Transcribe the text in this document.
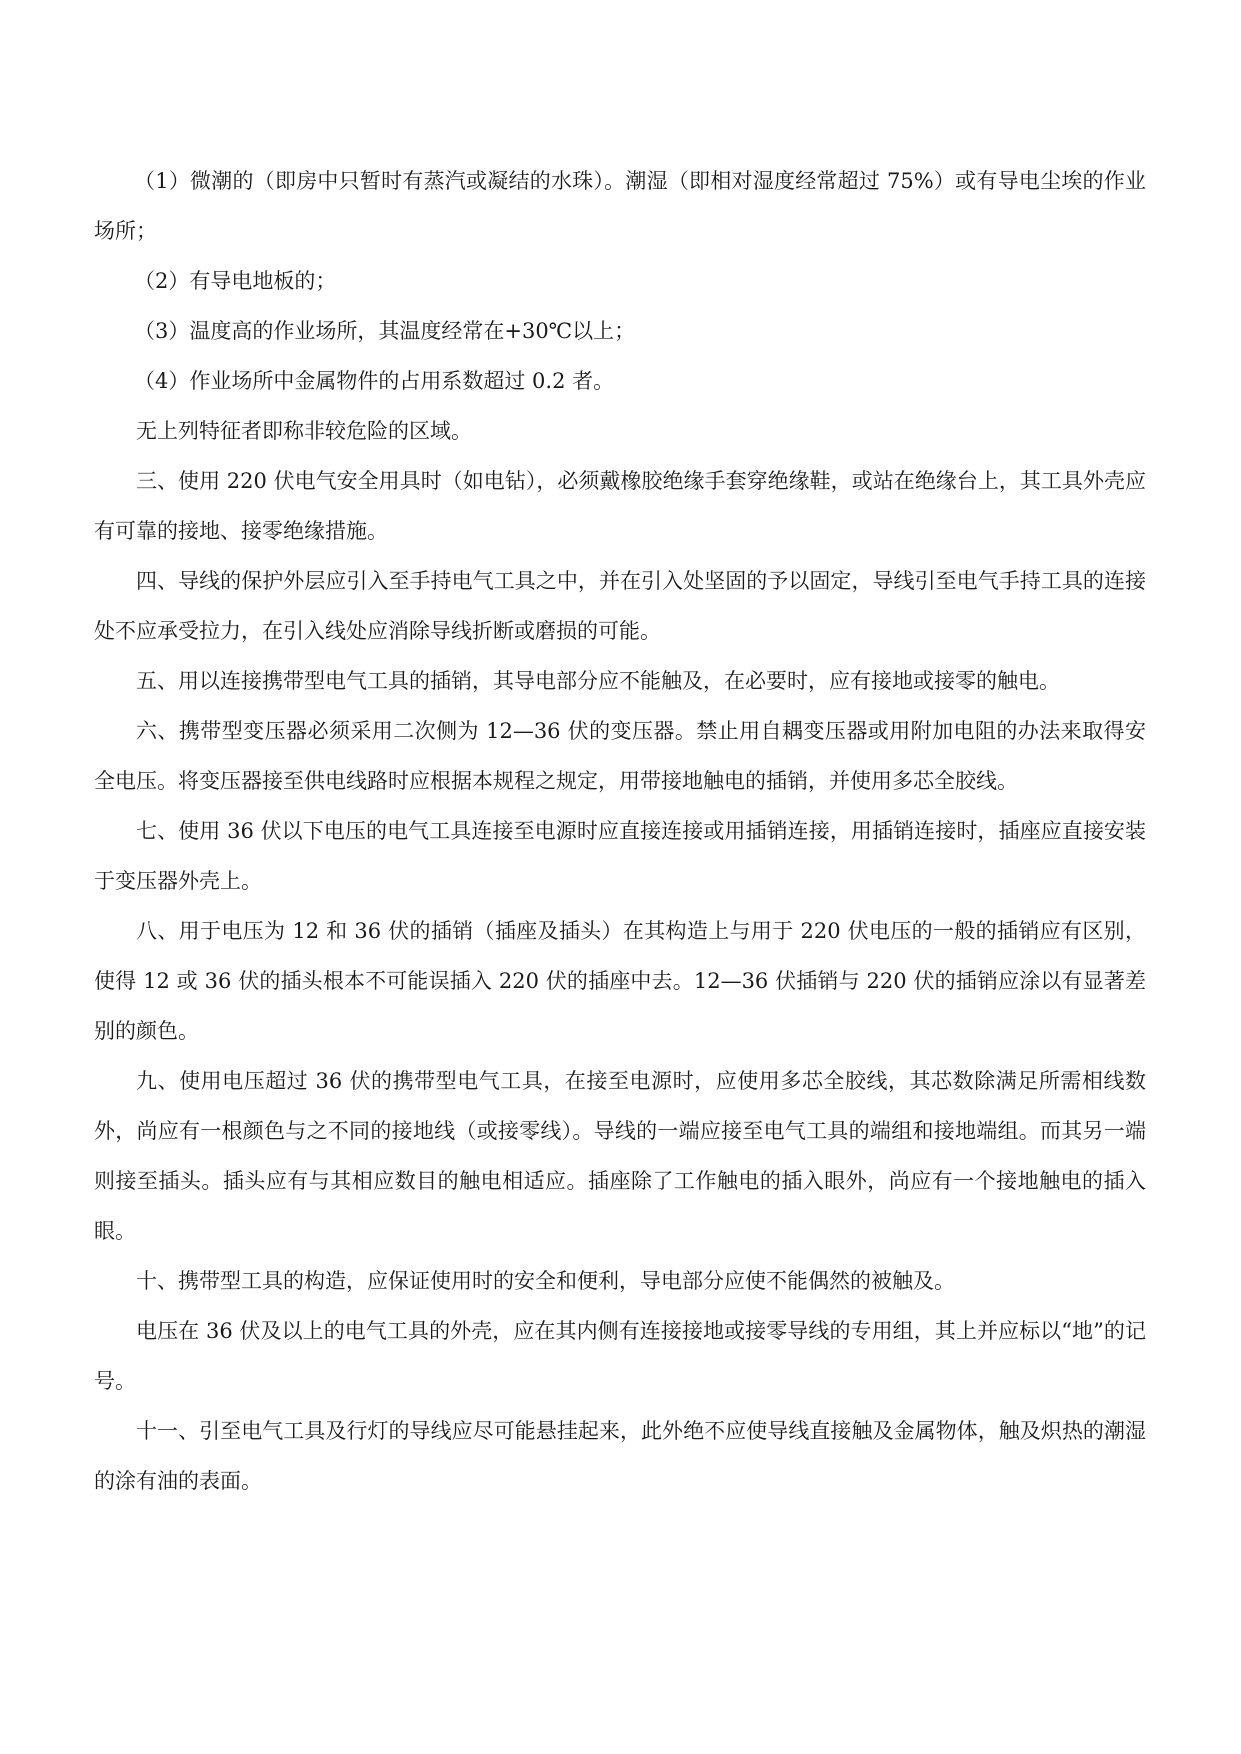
（1）微潮的（即房中只暂时有蒸汽或凝结的水珠）。潮湿（即相对湿度经常超过 75%）或有导电尘埃的作业场所；

（2）有导电地板的；

（3）温度高的作业场所，其温度经常在+30℃以上；

（4）作业场所中金属物件的占用系数超过 0.2 者。

无上列特征者即称非较危险的区域。

三、使用 220 伏电气安全用具时（如电钻），必须戴橡胶绝缘手套穿绝缘鞋，或站在绝缘台上，其工具外壳应有可靠的接地、接零绝缘措施。

四、导线的保护外层应引入至手持电气工具之中，并在引入处坚固的予以固定，导线引至电气手持工具的连接处不应承受拉力，在引入线处应消除导线折断或磨损的可能。

五、用以连接携带型电气工具的插销，其导电部分应不能触及，在必要时，应有接地或接零的触电。

六、携带型变压器必须采用二次侧为 12—36 伏的变压器。禁止用自耦变压器或用附加电阻的办法来取得安全电压。将变压器接至供电线路时应根据本规程之规定，用带接地触电的插销，并使用多芯全胶线。

七、使用 36 伏以下电压的电气工具连接至电源时应直接连接或用插销连接，用插销连接时，插座应直接安装于变压器外壳上。

八、用于电压为 12 和 36 伏的插销（插座及插头）在其构造上与用于 220 伏电压的一般的插销应有区别，使得 12 或 36 伏的插头根本不可能误插入 220 伏的插座中去。12—36 伏插销与 220 伏的插销应涂以有显著差别的颜色。

九、使用电压超过 36 伏的携带型电气工具，在接至电源时，应使用多芯全胶线，其芯数除满足所需相线数外，尚应有一根颜色与之不同的接地线（或接零线）。导线的一端应接至电气工具的端组和接地端组。而其另一端则接至插头。插头应有与其相应数目的触电相适应。插座除了工作触电的插入眼外，尚应有一个接地触电的插入眼。

十、携带型工具的构造，应保证使用时的安全和便利，导电部分应使不能偶然的被触及。

电压在 36 伏及以上的电气工具的外壳，应在其内侧有连接接地或接零导线的专用组，其上并应标以“地”的记号。

十一、引至电气工具及行灯的导线应尽可能悬挂起来，此外绝不应使导线直接触及金属物体，触及炽热的潮湿的涂有油的表面。
